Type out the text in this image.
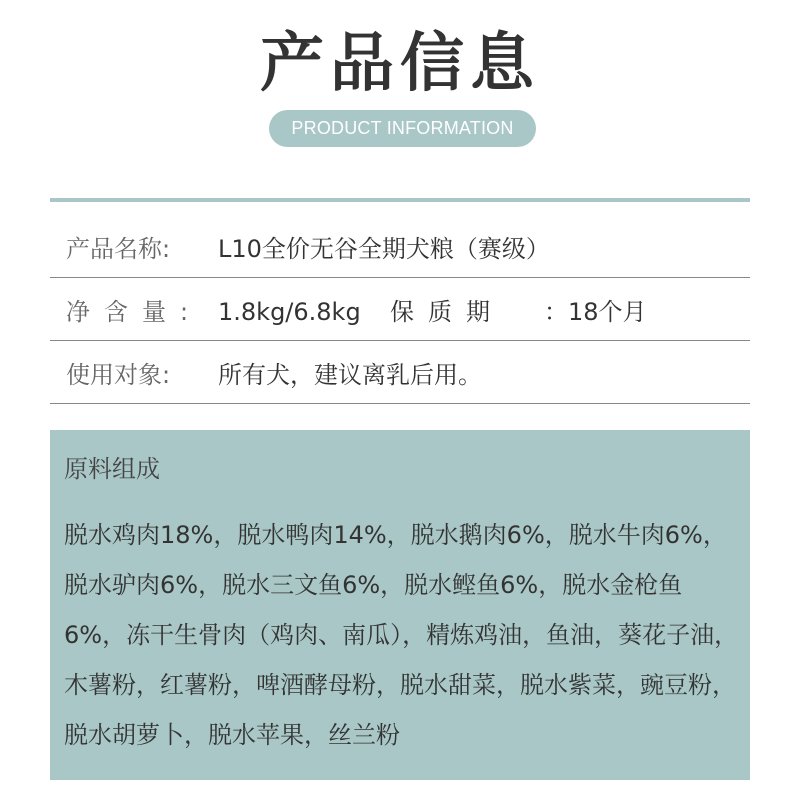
产品信息
PRODUCT INFORMATION
产品名称: L10全价无谷全期犬粮（赛级）
净含量: 1.8kg/6.8kg 保质期 ：18个月
使用对象: 所有犬，建议离乳后用。
原料组成
脱水鸡肉18%，脱水鸭肉14%，脱水鹅肉6%，脱水牛肉6%，脱水驴肉6%，脱水三文鱼6%，脱水鲣鱼6%，脱水金枪鱼6%，冻干生骨肉（鸡肉、南瓜），精炼鸡油，鱼油，葵花子油，木薯粉，红薯粉，啤酒酵母粉，脱水甜菜，脱水紫菜，豌豆粉，脱水胡萝卜，脱水苹果，丝兰粉
